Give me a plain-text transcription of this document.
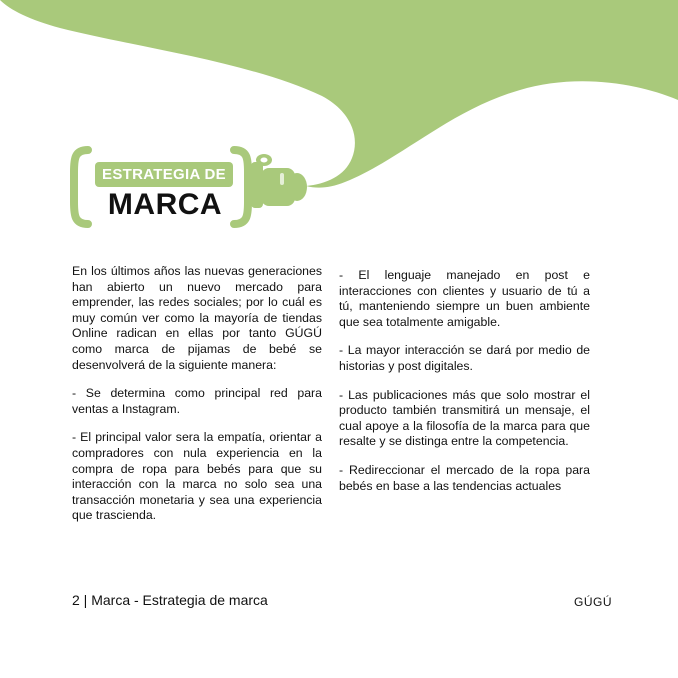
ESTRATEGIA DE
MARCA

En los últimos años las nuevas generaciones han abierto un nuevo mercado para emprender, las redes sociales; por lo cuál es muy común ver como la mayoría de tiendas Online radican en ellas por tanto GÚGÚ como marca de pijamas de bebé se desenvolverá de la siguiente manera:

- Se determina como principal red para ventas a Instagram.

- El principal valor sera la empatía, orientar a compradores con nula experiencia en la compra de ropa para bebés para que su interacción con la marca no solo sea una transacción monetaria y sea una experiencia que trascienda.

- El lenguaje manejado en post e interacciones con clientes y usuario de tú a tú, manteniendo siempre un buen ambiente que sea totalmente amigable.

- La mayor interacción se dará por medio de historias y post digitales.

- Las publicaciones más que solo mostrar el producto también transmitirá un mensaje, el cual apoye a la filosofía de la marca para que resalte y se distinga entre la competencia.

- Redireccionar el mercado de la ropa para bebés en base a las tendencias actuales

2 | Marca - Estrategia de marca	GÚGÚ
